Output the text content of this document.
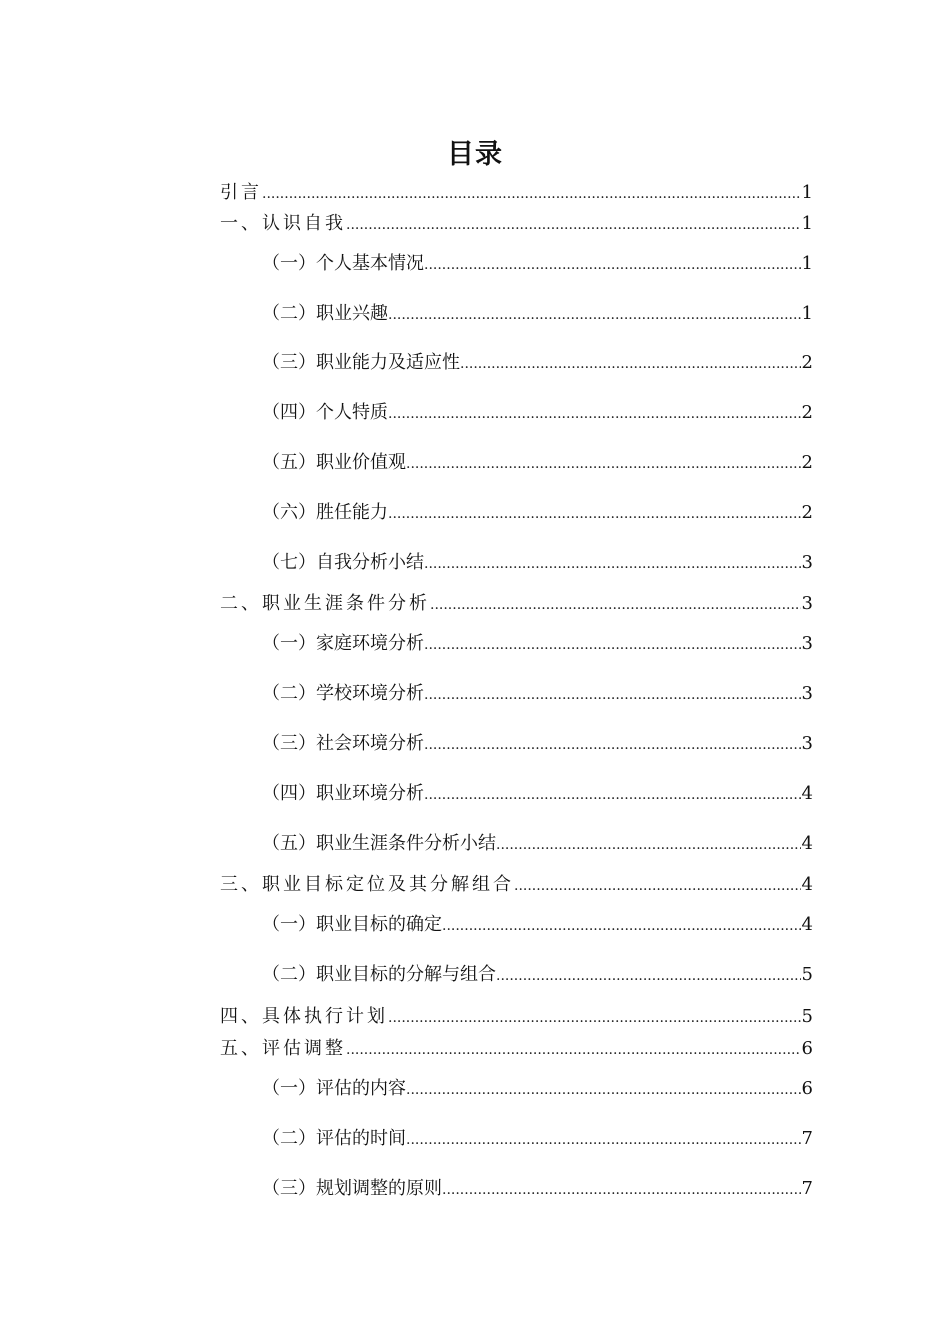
目录
引言 .....	1
一、认识自我 .....	1
（一）个人基本情况 .....	1
（二）职业兴趣 .....	1
（三）职业能力及适应性 .....	2
（四）个人特质 .....	2
（五）职业价值观 .....	2
（六）胜任能力 .....	2
（七）自我分析小结 .....	3
二、职业生涯条件分析 .....	3
（一）家庭环境分析 .....	3
（二）学校环境分析 .....	3
（三）社会环境分析 .....	3
（四）职业环境分析 .....	4
（五）职业生涯条件分析小结 .....	4
三、职业目标定位及其分解组合 .....	4
（一）职业目标的确定 .....	4
（二）职业目标的分解与组合 .....	5
四、具体执行计划 .....	5
五、评估调整 .....	6
（一）评估的内容 .....	6
（二）评估的时间 .....	7
（三）规划调整的原则 .....	7
